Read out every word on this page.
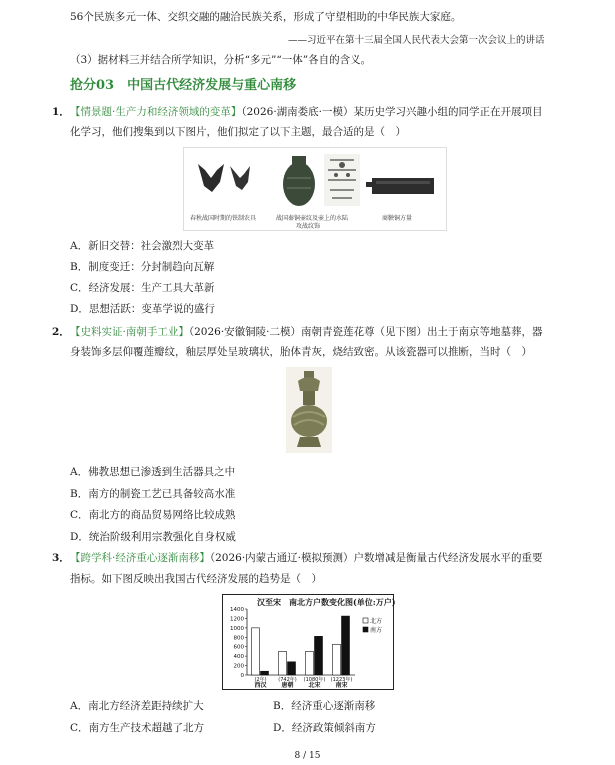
56个民族多元一体、交织交融的融洽民族关系，形成了守望相助的中华民族大家庭。
——习近平在第十三届全国人民代表大会第一次会议上的讲话
（3）据材料三并结合所学知识，分析“多元”“一体”各自的含义。
抢分03　中国古代经济发展与重心南移
1． 【情景题·生产力和经济领域的变革】（2026·湖南娄底·一模）某历史学习兴趣小组的同学正在开展项目
化学习，他们搜集到以下图片，他们拟定了以下主题，最合适的是（　）
春秋战国时期的铁制农具	战国秦铜壶纹及壶上的水陆
攻战纹饰
商鞅铜方量
A．新旧交替：社会激烈大变革
B．制度变迁：分封制趋向瓦解
C．经济发展：生产工具大革新
D．思想活跃：变革学说的盛行
2． 【史料实证·南朝手工业】（2026·安徽铜陵·二模）南朝青瓷莲花尊（见下图）出土于南京等地墓葬，器
身装饰多层仰覆莲瓣纹，釉层厚处呈玻璃状，胎体青灰，烧结致密。从该瓷器可以推断，当时（　）
A．佛教思想已渗透到生活器具之中
B．南方的制瓷工艺已具备较高水准
C．南北方的商品贸易网络比较成熟
D．统治阶级利用宗教强化自身权威
3． 【跨学科·经济重心逐渐南移】（2026·内蒙古通辽·模拟预测）户数增减是衡量古代经济发展水平的重要
指标。如下图反映出我国古代经济发展的趋势是（　）
汉至宋　南北方户数变化图(单位:万户)
1400
1200
1000
800
600
400
200
0
(2年)
西汉
(742年)
唐朝
(1080年)
北宋
(1223年)
南宋
北方
南方
A．南北方经济差距持续扩大	B．经济重心逐渐南移
C．南方生产技术超越了北方	D．经济政策倾斜南方
8 / 15
